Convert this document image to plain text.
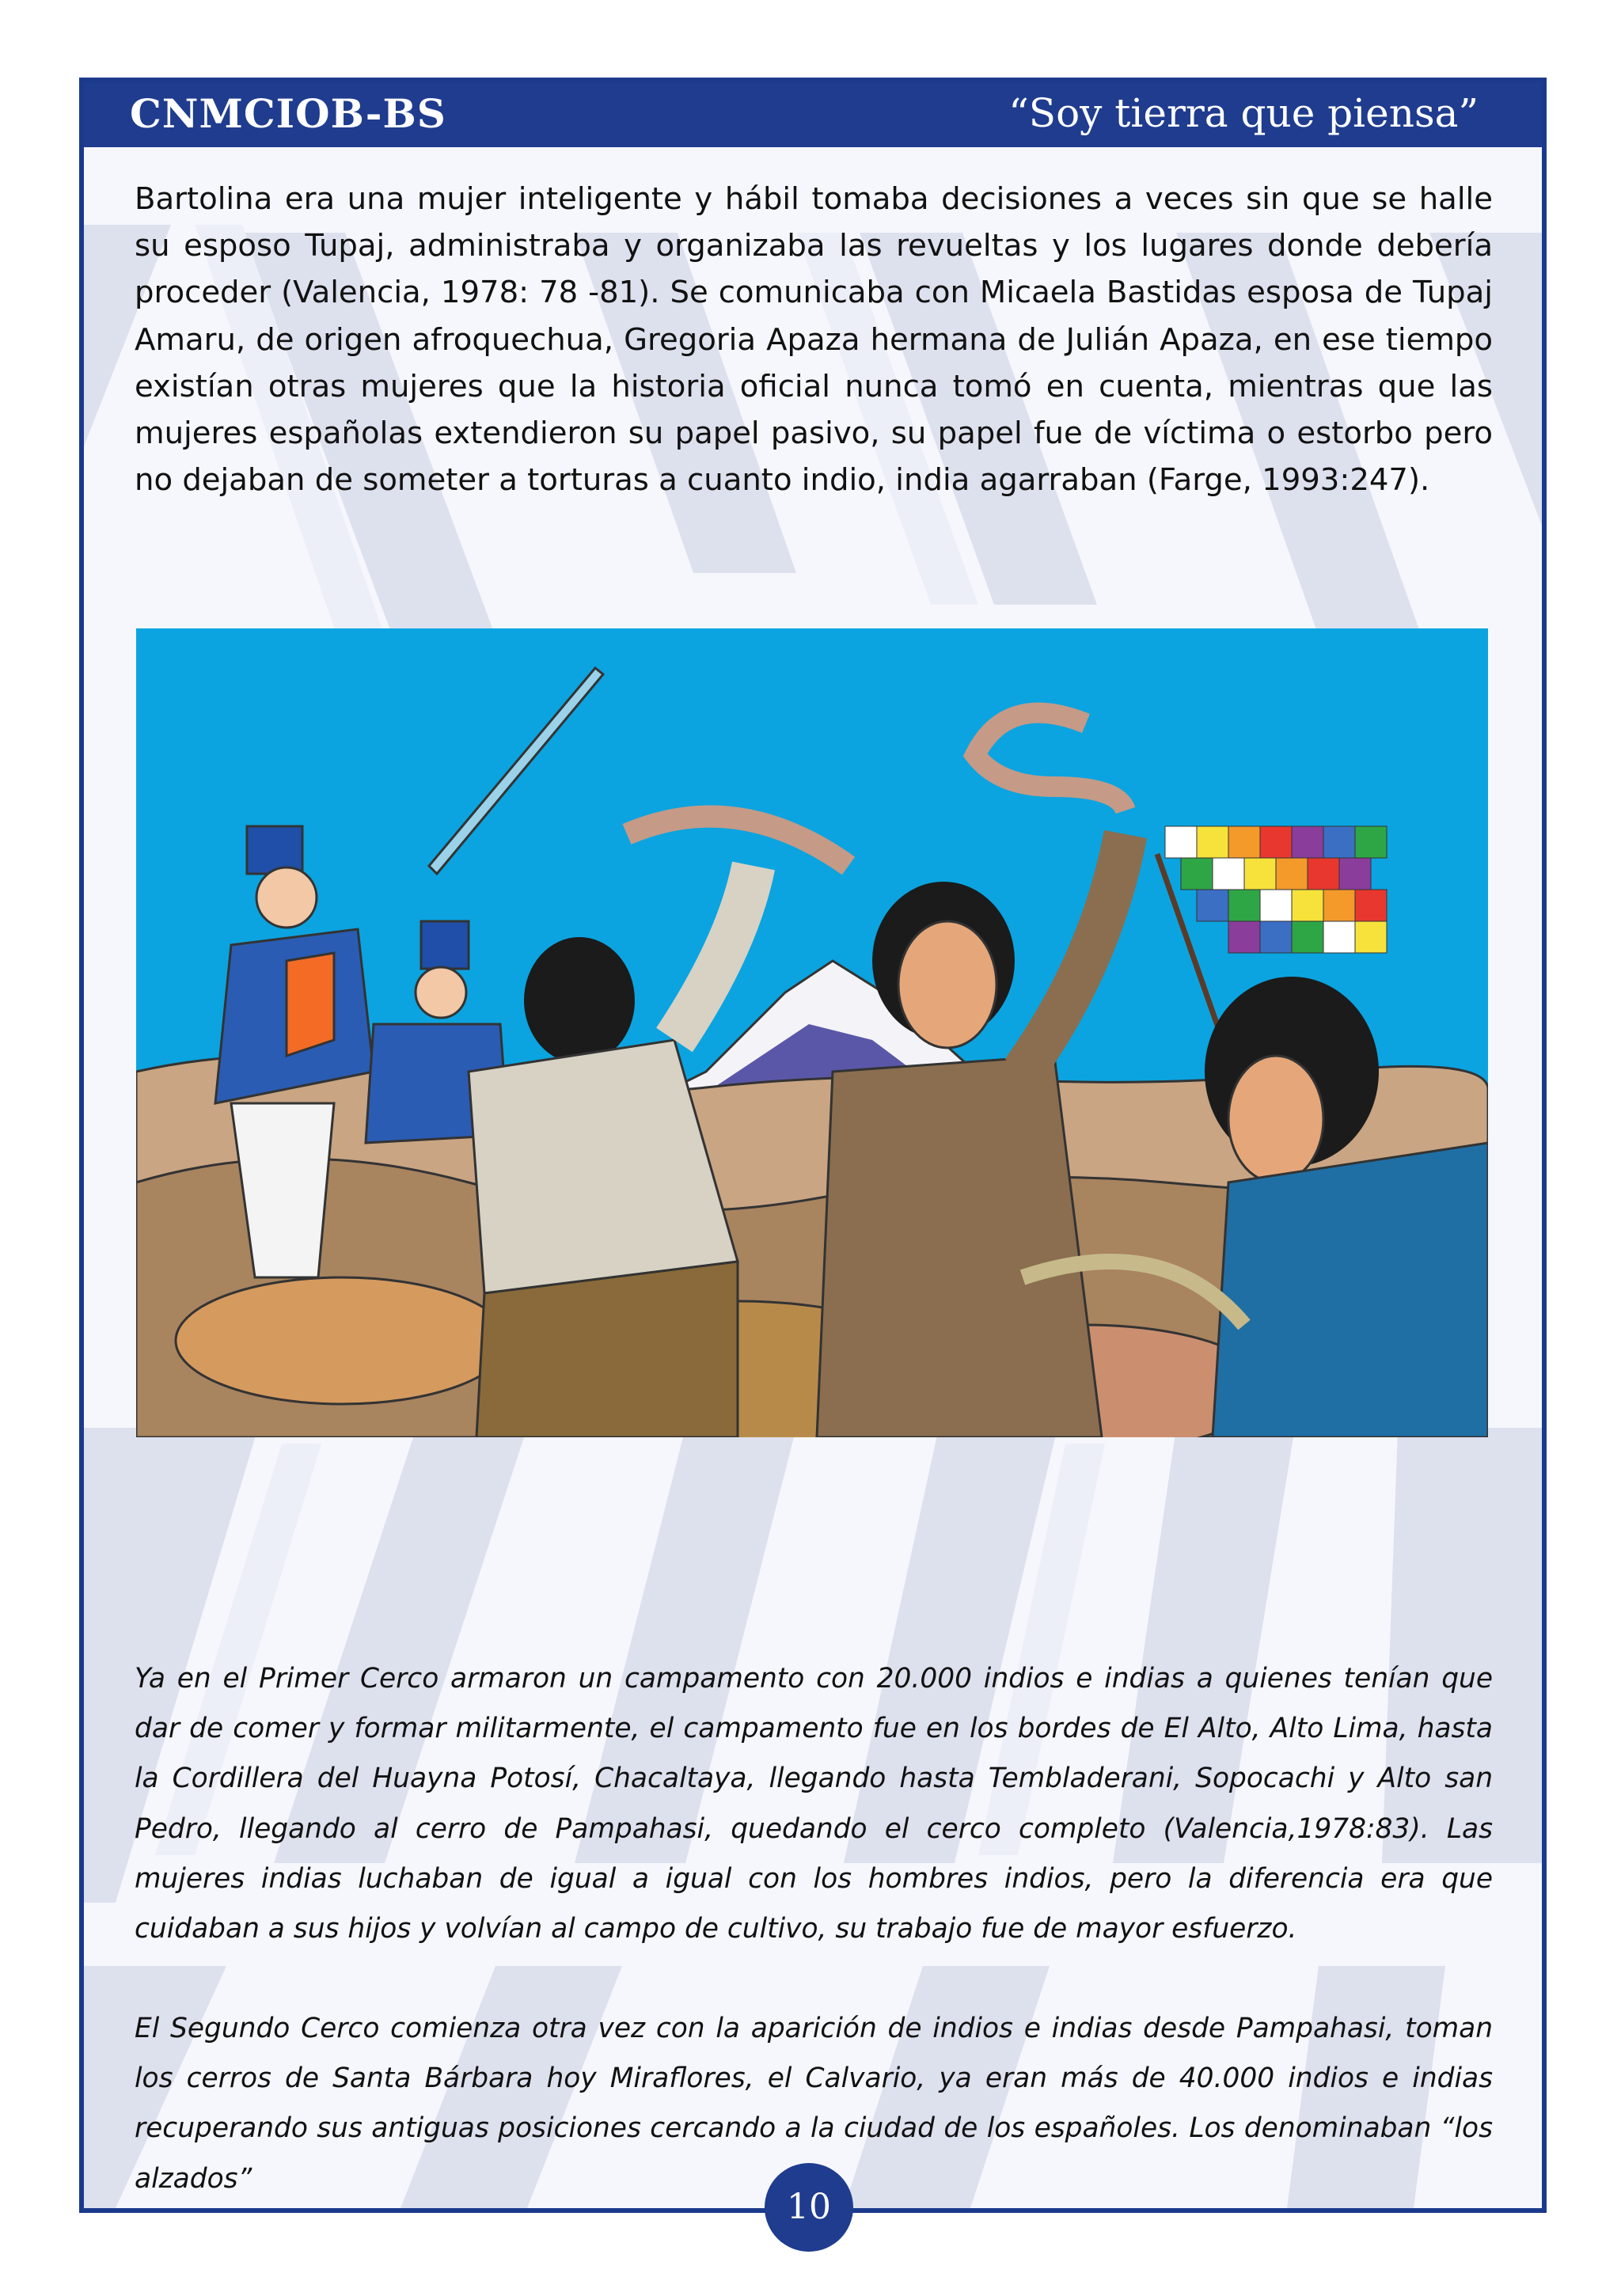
CNMCIOB-BS	“Soy tierra que piensa”

Bartolina era una mujer inteligente y hábil tomaba decisiones a veces sin que se halle su esposo Tupaj, administraba y organizaba las revueltas y los lugares donde debería proceder (Valencia, 1978: 78 -81). Se comunicaba con Micaela Bastidas esposa de Tupaj Amaru, de origen afroquechua, Gregoria Apaza hermana de Julián Apaza, en ese tiempo existían otras mujeres que la historia oficial nunca tomó en cuenta, mientras que las mujeres españolas extendieron su papel pasivo, su papel fue de víctima o estorbo pero no dejaban de someter a torturas a cuanto indio, india agarraban (Farge, 1993:247).

Ya en el Primer Cerco armaron un campamento con 20.000 indios e indias a quienes tenían que dar de comer y formar militarmente, el campamento fue en los bordes de El Alto, Alto Lima, hasta la Cordillera del Huayna Potosí, Chacaltaya, llegando hasta Tembladerani, Sopocachi y Alto san Pedro, llegando al cerro de Pampahasi, quedando el cerco completo (Valencia,1978:83). Las mujeres indias luchaban de igual a igual con los hombres indios, pero la diferencia era que cuidaban a sus hijos y volvían al campo de cultivo, su trabajo fue de mayor esfuerzo.

El Segundo Cerco comienza otra vez con la aparición de indios e indias desde Pampahasi, toman los cerros de Santa Bárbara hoy Miraflores, el Calvario, ya eran más de 40.000 indios e indias recuperando sus antiguas posiciones cercando a la ciudad de los españoles. Los denominaban “los alzados”

10
